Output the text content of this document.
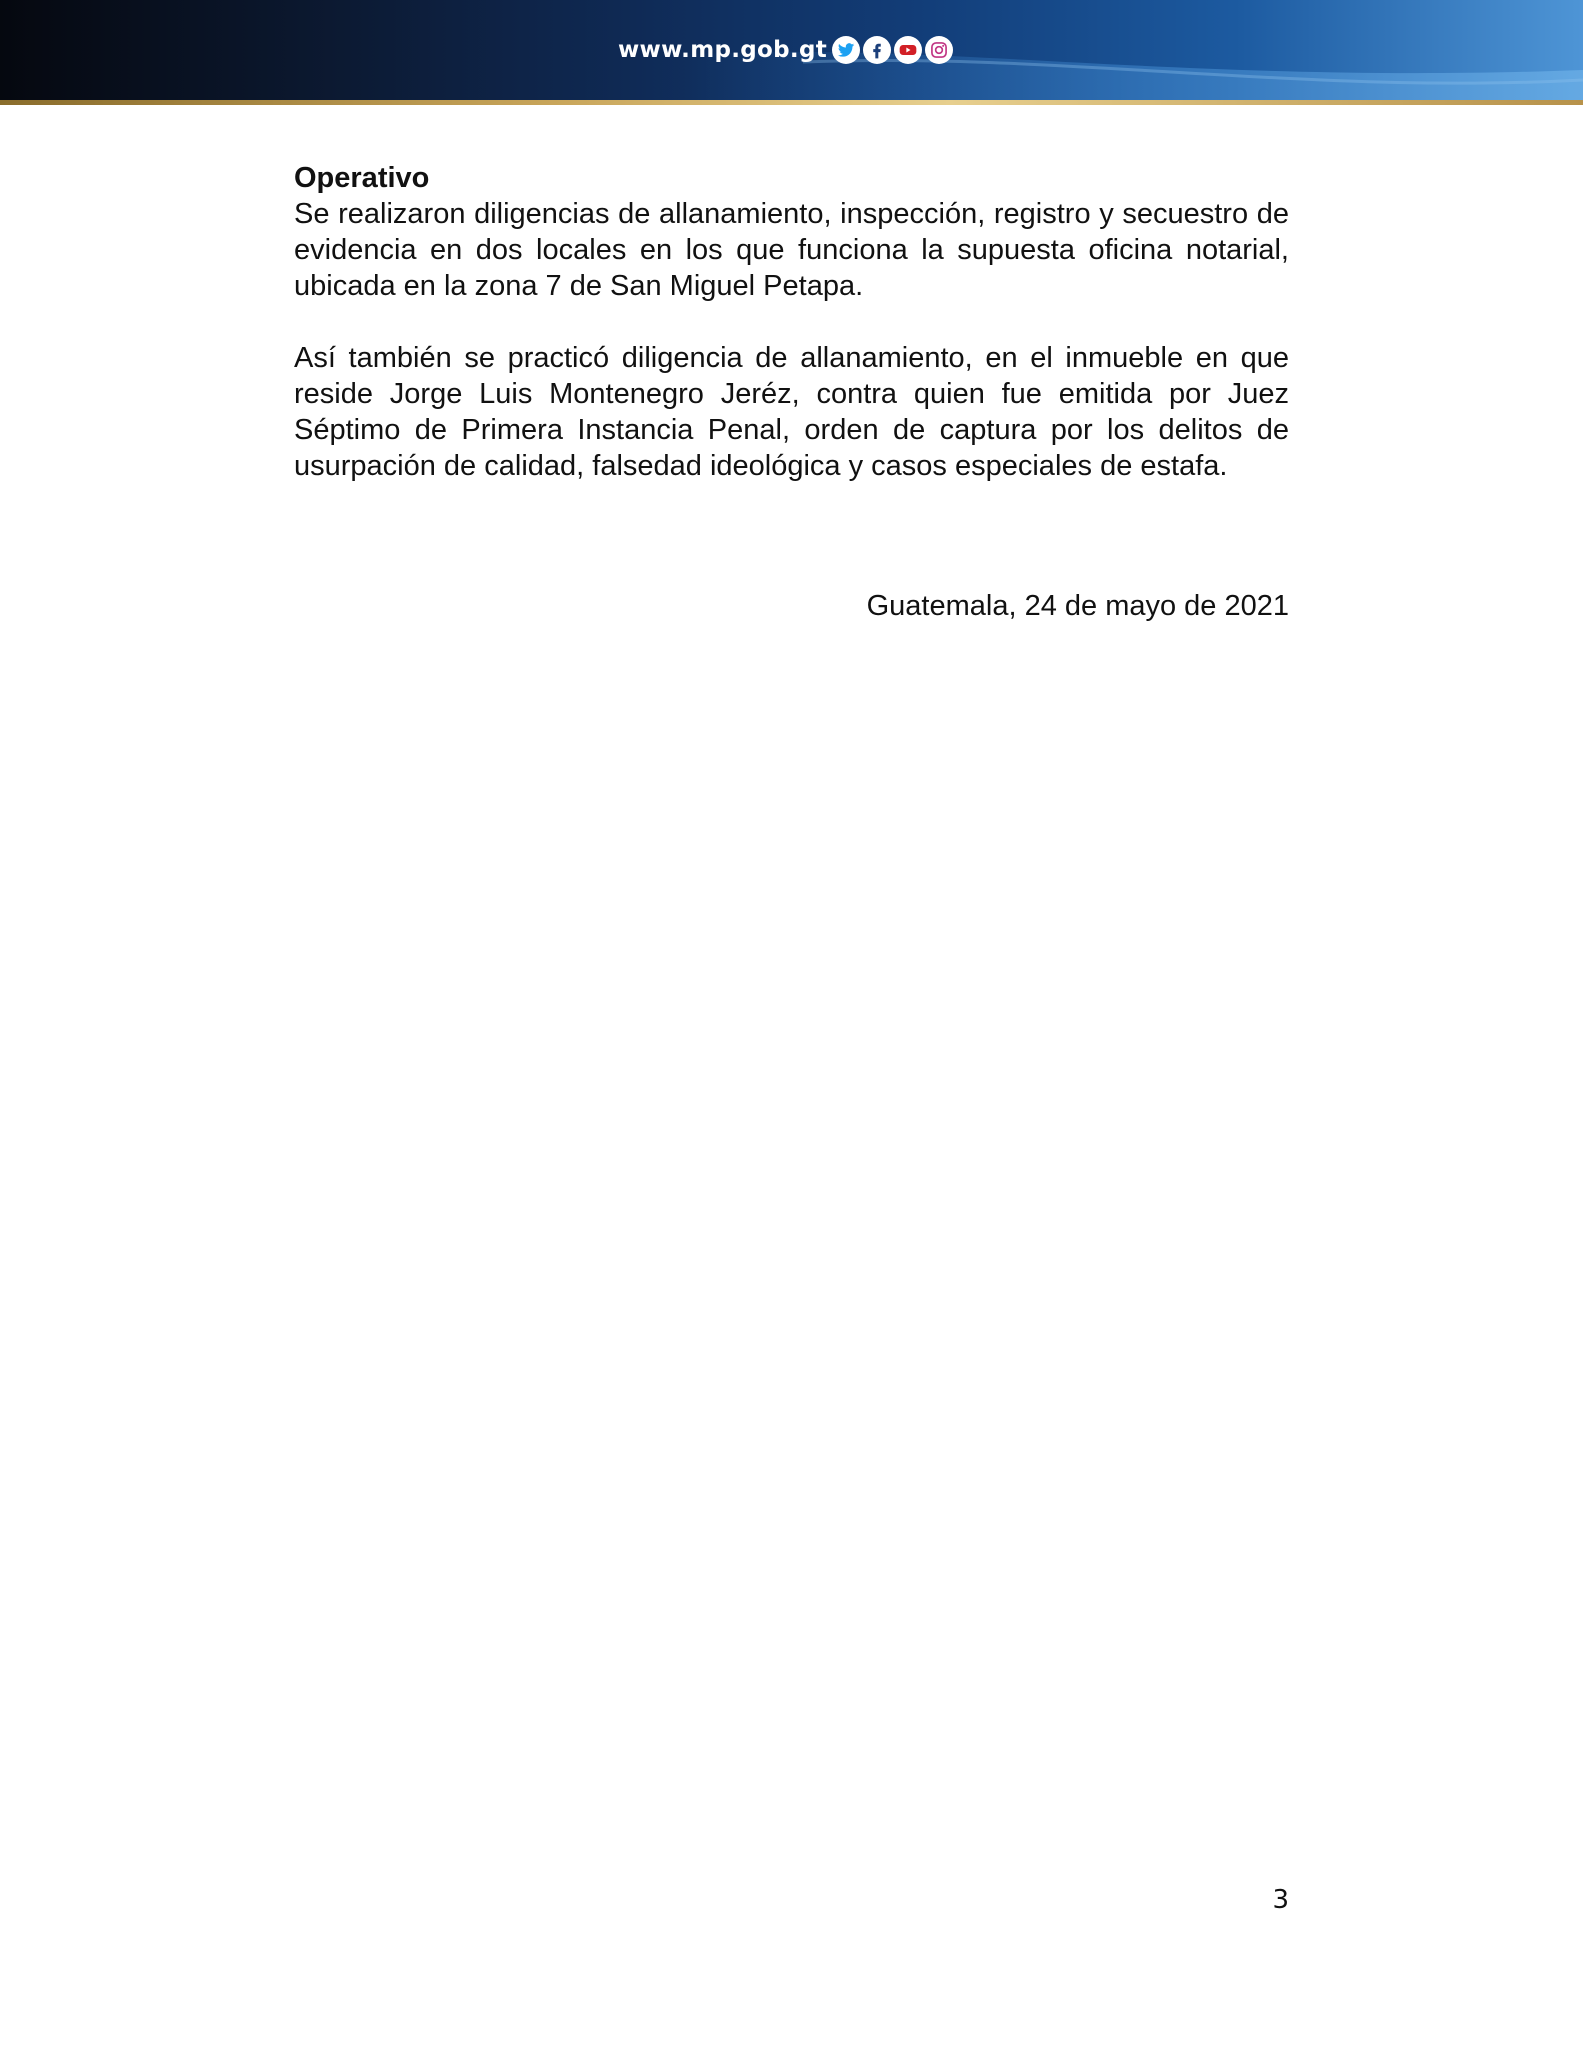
www.mp.gob.gt

Operativo

Se realizaron diligencias de allanamiento, inspección, registro y secuestro de evidencia en dos locales en los que funciona la supuesta oficina notarial, ubicada en la zona 7 de San Miguel Petapa.

Así también se practicó diligencia de allanamiento, en el inmueble en que reside Jorge Luis Montenegro Jeréz, contra quien fue emitida por Juez Séptimo de Primera Instancia Penal, orden de captura por los delitos de usurpación de calidad, falsedad ideológica y casos especiales de estafa.

Guatemala, 24 de mayo de 2021
3
